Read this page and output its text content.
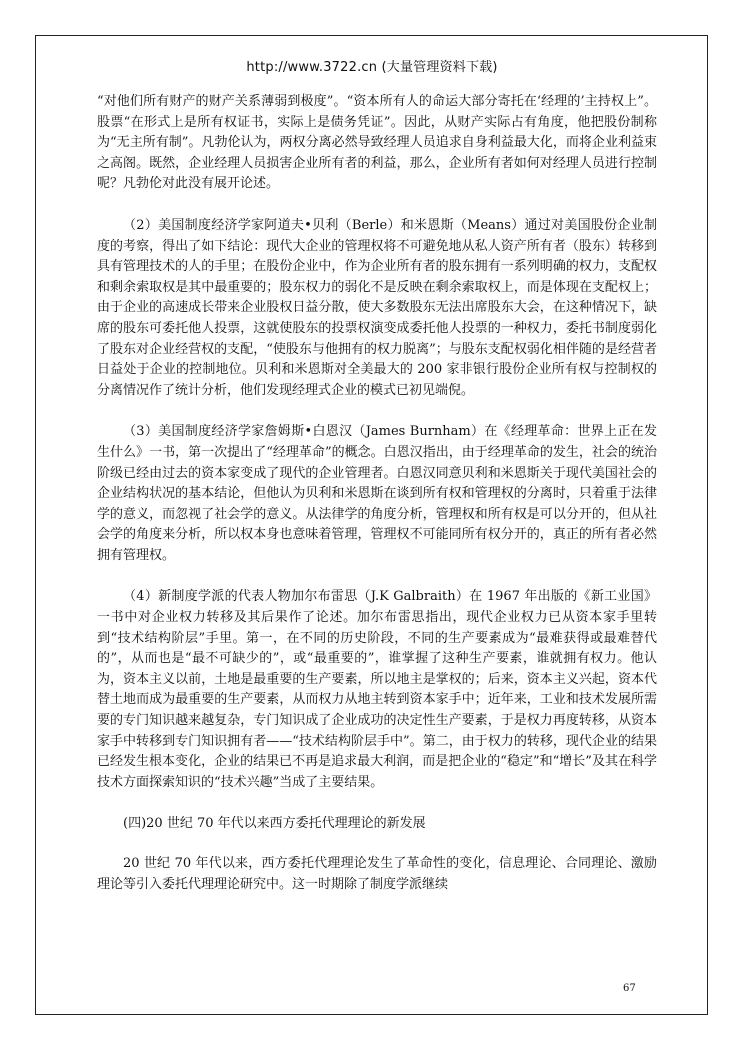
http://www.3722.cn (大量管理资料下载)

“对他们所有财产的财产关系薄弱到极度”。“资本所有人的命运大部分寄托在‘经理的’主持权上”。股票“在形式上是所有权证书，实际上是债务凭证”。因此，从财产实际占有角度，他把股份制称为“无主所有制”。凡勃伦认为，两权分离必然导致经理人员追求自身利益最大化，而将企业利益束之高阁。既然，企业经理人员损害企业所有者的利益，那么，企业所有者如何对经理人员进行控制呢？凡勃伦对此没有展开论述。

（2）美国制度经济学家阿道夫•贝利（Berle）和米恩斯（Means）通过对美国股份企业制度的考察，得出了如下结论：现代大企业的管理权将不可避免地从私人资产所有者（股东）转移到具有管理技术的人的手里；在股份企业中，作为企业所有者的股东拥有一系列明确的权力，支配权和剩余索取权是其中最重要的；股东权力的弱化不是反映在剩余索取权上，而是体现在支配权上；由于企业的高速成长带来企业股权日益分散，使大多数股东无法出席股东大会，在这种情况下，缺席的股东可委托他人投票，这就使股东的投票权演变成委托他人投票的一种权力，委托书制度弱化了股东对企业经营权的支配，“使股东与他拥有的权力脱离”；与股东支配权弱化相伴随的是经营者日益处于企业的控制地位。贝利和米恩斯对全美最大的 200 家非银行股份企业所有权与控制权的分离情况作了统计分析，他们发现经理式企业的模式已初见端倪。

（3）美国制度经济学家詹姆斯•白恩汉（James Burnham）在《经理革命：世界上正在发生什么》一书，第一次提出了“经理革命”的概念。白恩汉指出，由于经理革命的发生，社会的统治阶级已经由过去的资本家变成了现代的企业管理者。白恩汉同意贝利和米恩斯关于现代美国社会的企业结构状况的基本结论，但他认为贝利和米恩斯在谈到所有权和管理权的分离时，只着重于法律学的意义，而忽视了社会学的意义。从法律学的角度分析，管理权和所有权是可以分开的，但从社会学的角度来分析，所以权本身也意味着管理，管理权不可能同所有权分开的，真正的所有者必然拥有管理权。

（4）新制度学派的代表人物加尔布雷思（J.K Galbraith）在 1967 年出版的《新工业国》一书中对企业权力转移及其后果作了论述。加尔布雷思指出，现代企业权力已从资本家手里转到“技术结构阶层”手里。第一，在不同的历史阶段，不同的生产要素成为“最难获得或最难替代的”，从而也是“最不可缺少的”，或“最重要的”，谁掌握了这种生产要素，谁就拥有权力。他认为，资本主义以前，土地是最重要的生产要素，所以地主是掌权的；后来，资本主义兴起，资本代替土地而成为最重要的生产要素，从而权力从地主转到资本家手中；近年来，工业和技术发展所需要的专门知识越来越复杂，专门知识成了企业成功的决定性生产要素，于是权力再度转移，从资本家手中转移到专门知识拥有者——“技术结构阶层手中”。第二，由于权力的转移，现代企业的结果已经发生根本变化，企业的结果已不再是追求最大利润，而是把企业的“稳定”和“增长”及其在科学技术方面探索知识的“技术兴趣”当成了主要结果。

(四)20 世纪 70 年代以来西方委托代理理论的新发展

20 世纪 70 年代以来，西方委托代理理论发生了革命性的变化，信息理论、合同理论、激励理论等引入委托代理理论研究中。这一时期除了制度学派继续

67
